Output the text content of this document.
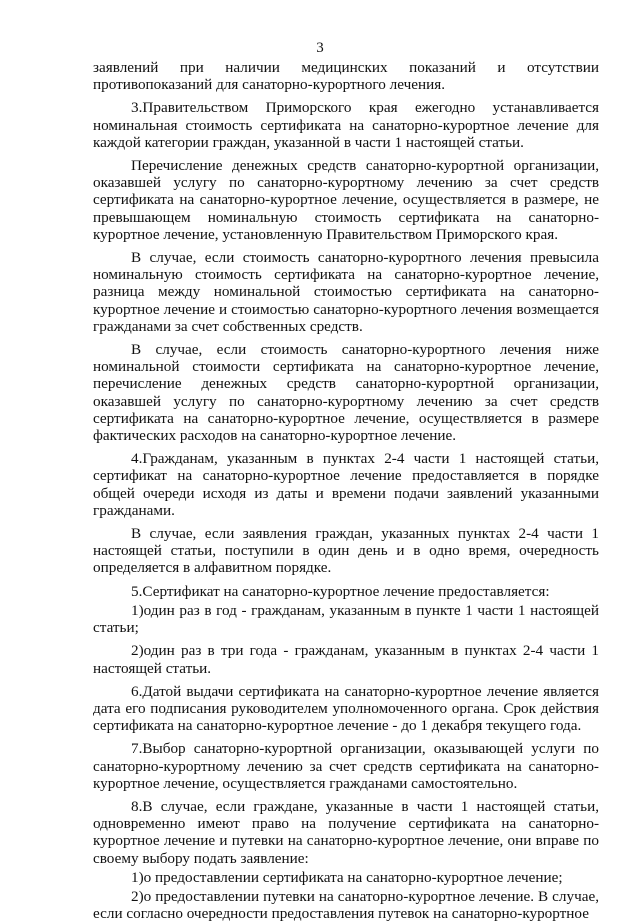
3

заявлений при наличии медицинских показаний и отсутствии противопоказаний для санаторно-курортного лечения.

3.Правительством Приморского края ежегодно устанавливается номинальная стоимость сертификата на санаторно-курортное лечение для каждой категории граждан, указанной в части 1 настоящей статьи.

Перечисление денежных средств санаторно-курортной организации, оказавшей услугу по санаторно-курортному лечению за счет средств сертификата на санаторно-курортное лечение, осуществляется в размере, не превышающем номинальную стоимость сертификата на санаторно-курортное лечение, установленную Правительством Приморского края.

В случае, если стоимость санаторно-курортного лечения превысила номинальную стоимость сертификата на санаторно-курортное лечение, разница между номинальной стоимостью сертификата на санаторно-курортное лечение и стоимостью санаторно-курортного лечения возмещается гражданами за счет собственных средств.

В случае, если стоимость санаторно-курортного лечения ниже номинальной стоимости сертификата на санаторно-курортное лечение, перечисление денежных средств санаторно-курортной организации, оказавшей услугу по санаторно-курортному лечению за счет средств сертификата на санаторно-курортное лечение, осуществляется в размере фактических расходов на санаторно-курортное лечение.

4.Гражданам, указанным в пунктах 2-4 части 1 настоящей статьи, сертификат на санаторно-курортное лечение предоставляется в порядке общей очереди исходя из даты и времени подачи заявлений указанными гражданами.

В случае, если заявления граждан, указанных пунктах 2-4 части 1 настоящей статьи, поступили в один день и в одно время, очередность определяется в алфавитном порядке.

5.Сертификат на санаторно-курортное лечение предоставляется:

1)один раз в год - гражданам, указанным в пункте 1 части 1 настоящей статьи;

2)один раз в три года - гражданам, указанным в пунктах 2-4 части 1 настоящей статьи.

6.Датой выдачи сертификата на санаторно-курортное лечение является дата его подписания руководителем уполномоченного органа. Срок действия сертификата на санаторно-курортное лечение - до 1 декабря текущего года.

7.Выбор санаторно-курортной организации, оказывающей услуги по санаторно-курортному лечению за счет средств сертификата на санаторно-курортное лечение, осуществляется гражданами самостоятельно.

8.В случае, если граждане, указанные в части 1 настоящей статьи, одновременно имеют право на получение сертификата на санаторно-курортное лечение и путевки на санаторно-курортное лечение, они вправе по своему выбору подать заявление:

1)о предоставлении сертификата на санаторно-курортное лечение;

2)о предоставлении путевки на санаторно-курортное лечение. В случае, если согласно очередности предоставления путевок на санаторно-курортное
